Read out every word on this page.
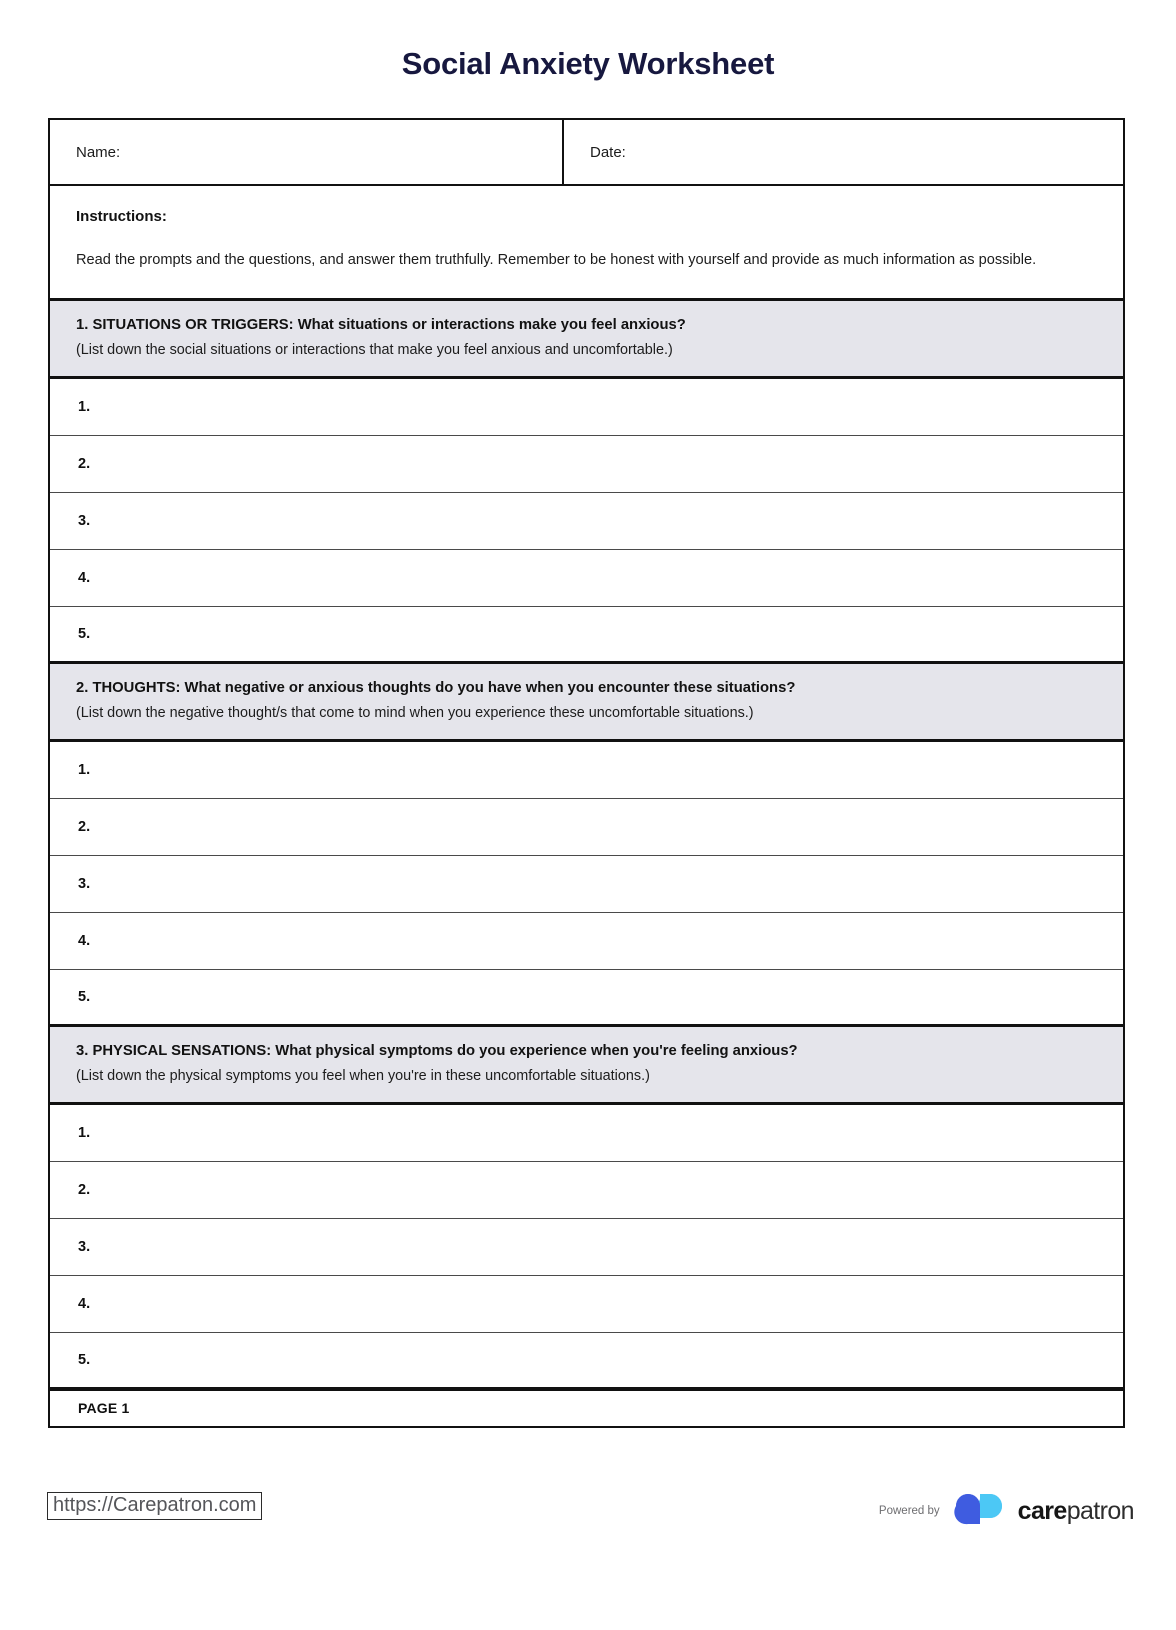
Social Anxiety Worksheet
Name:	Date:
Instructions:
Read the prompts and the questions, and answer them truthfully. Remember to be honest with yourself and provide as much information as possible.
1. SITUATIONS OR TRIGGERS: What situations or interactions make you feel anxious?
(List down the social situations or interactions that make you feel anxious and uncomfortable.)
1.
2.
3.
4.
5.
2. THOUGHTS: What negative or anxious thoughts do you have when you encounter these situations?
(List down the negative thought/s that come to mind when you experience these uncomfortable situations.)
1.
2.
3.
4.
5.
3. PHYSICAL SENSATIONS: What physical symptoms do you experience when you're feeling anxious?
(List down the physical symptoms you feel when you're in these uncomfortable situations.)
1.
2.
3.
4.
5.
PAGE 1
https://Carepatron.com	Powered by	carepatron
